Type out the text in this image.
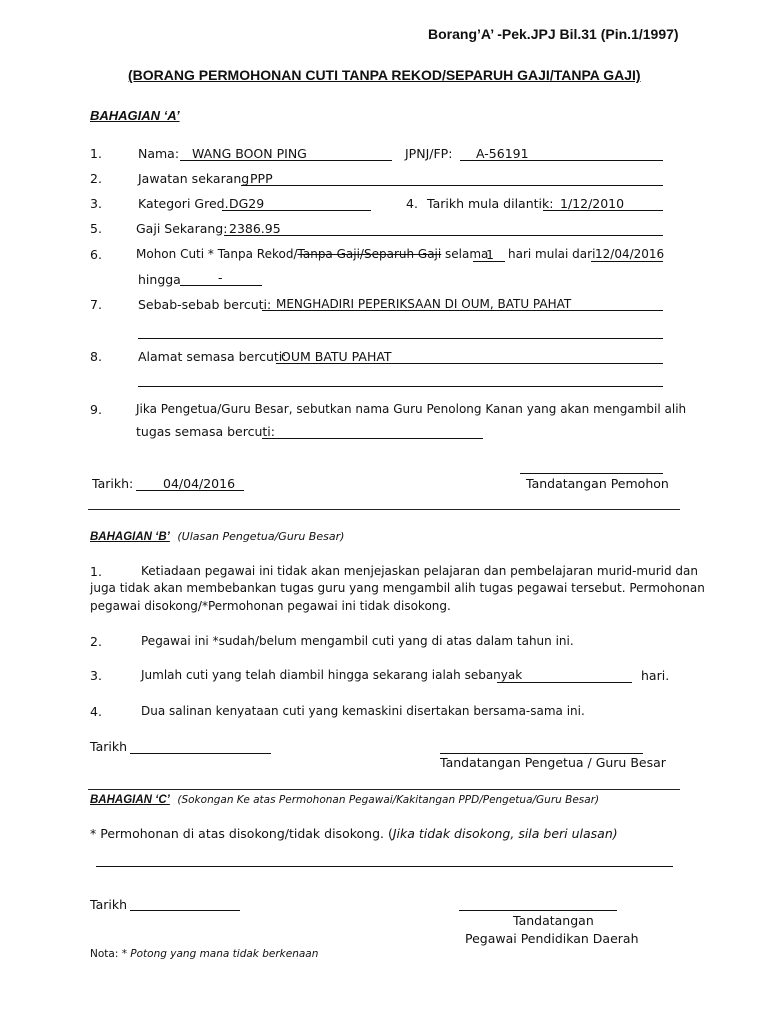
Borang’A’ -Pek.JPJ Bil.31 (Pin.1/1997)
(BORANG PERMOHONAN CUTI TANPA REKOD/SEPARUH GAJI/TANPA GAJI)
BAHAGIAN ‘A’
1.	Nama: WANG BOON PING	JPNJ/FP: A-56191
2.	Jawatan sekarang PPP
3.	Kategori Gred. DG29	4. Tarikh mula dilantik: 1/12/2010
5.	Gaji Sekarang: 2386.95
6.	Mohon Cuti * Tanpa Rekod/Tanpa Gaji/Separuh Gaji selama
1 hari mulai dari 12/04/2016
hingga	-
7.	Sebab-sebab bercuti: MENGHADIRI PEPERIKSAAN DI OUM, BATU PAHAT
8.	Alamat semasa bercuti:
OUM BATU PAHAT
9.	Jika Pengetua/Guru Besar, sebutkan nama Guru Penolong Kanan yang akan mengambil alih
tugas semasa bercuti:
Tarikh: 04/04/2016	Tandatangan Pemohon
BAHAGIAN ‘B’ (Ulasan Pengetua/Guru Besar)
1.	Ketiadaan pegawai ini tidak akan menjejaskan pelajaran dan pembelajaran murid-murid dan
juga tidak akan membebankan tugas guru yang mengambil alih tugas pegawai tersebut. Permohonan
pegawai disokong/*Permohonan pegawai ini tidak disokong.
2.	Pegawai ini *sudah/belum mengambil cuti yang di atas dalam tahun ini.
3.	Jumlah cuti yang telah diambil hingga sekarang ialah sebanyak	hari.
4.	Dua salinan kenyataan cuti yang kemaskini disertakan bersama-sama ini.
Tarikh
Tandatangan Pengetua / Guru Besar
BAHAGIAN ‘C’ (Sokongan Ke atas Permohonan Pegawai/Kakitangan PPD/Pengetua/Guru Besar)
* Permohonan di atas disokong/tidak disokong. (Jika tidak disokong, sila beri ulasan)
Tarikh
Tandatangan
Pegawai Pendidikan Daerah
Nota: * Potong yang mana tidak berkenaan
